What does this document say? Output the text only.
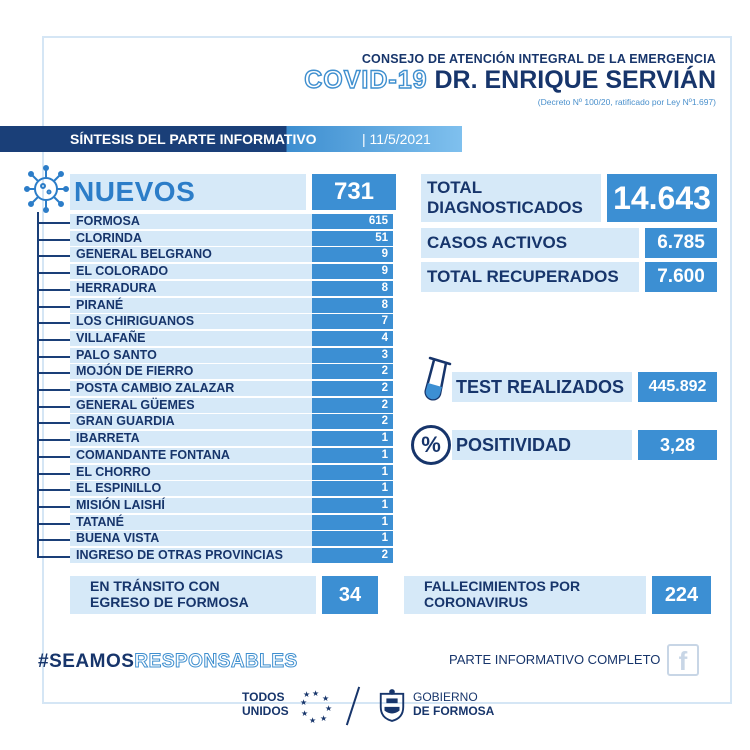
CONSEJO DE ATENCIÓN INTEGRAL DE LA EMERGENCIA
COVID-19 DR. ENRIQUE SERVIÁN
(Decreto Nº 100/20, ratificado por Ley Nº1.697)
SÍNTESIS DEL PARTE INFORMATIVO	| 11/5/2021
NUEVOS	731
FORMOSA	615
CLORINDA	51
GENERAL BELGRANO	9
EL COLORADO	9
HERRADURA	8
PIRANÉ	8
LOS CHIRIGUANOS	7
VILLAFAÑE	4
PALO SANTO	3
MOJÓN DE FIERRO	2
POSTA CAMBIO ZALAZAR	2
GENERAL GÜEMES	2
GRAN GUARDIA	2
IBARRETA	1
COMANDANTE FONTANA	1
EL CHORRO	1
EL ESPINILLO	1
MISIÓN LAISHÍ	1
TATANÉ	1
BUENA VISTA	1
INGRESO DE OTRAS PROVINCIAS	2
TOTAL
DIAGNOSTICADOS 14.643
CASOS ACTIVOS	6.785
TOTAL RECUPERADOS	7.600
TEST REALIZADOS	445.892
% POSITIVIDAD	3,28
EN TRÁNSITO CON
EGRESO DE FORMOSA	34	FALLECIMIENTOS POR
CORONAVIRUS	224
#SEAMOSRESPONSABLES	PARTE INFORMATIVO COMPLETO f
TODOS
UNIDOS
★
★
★
★
★
★
★
★	GOBIERNO
DE FORMOSA
